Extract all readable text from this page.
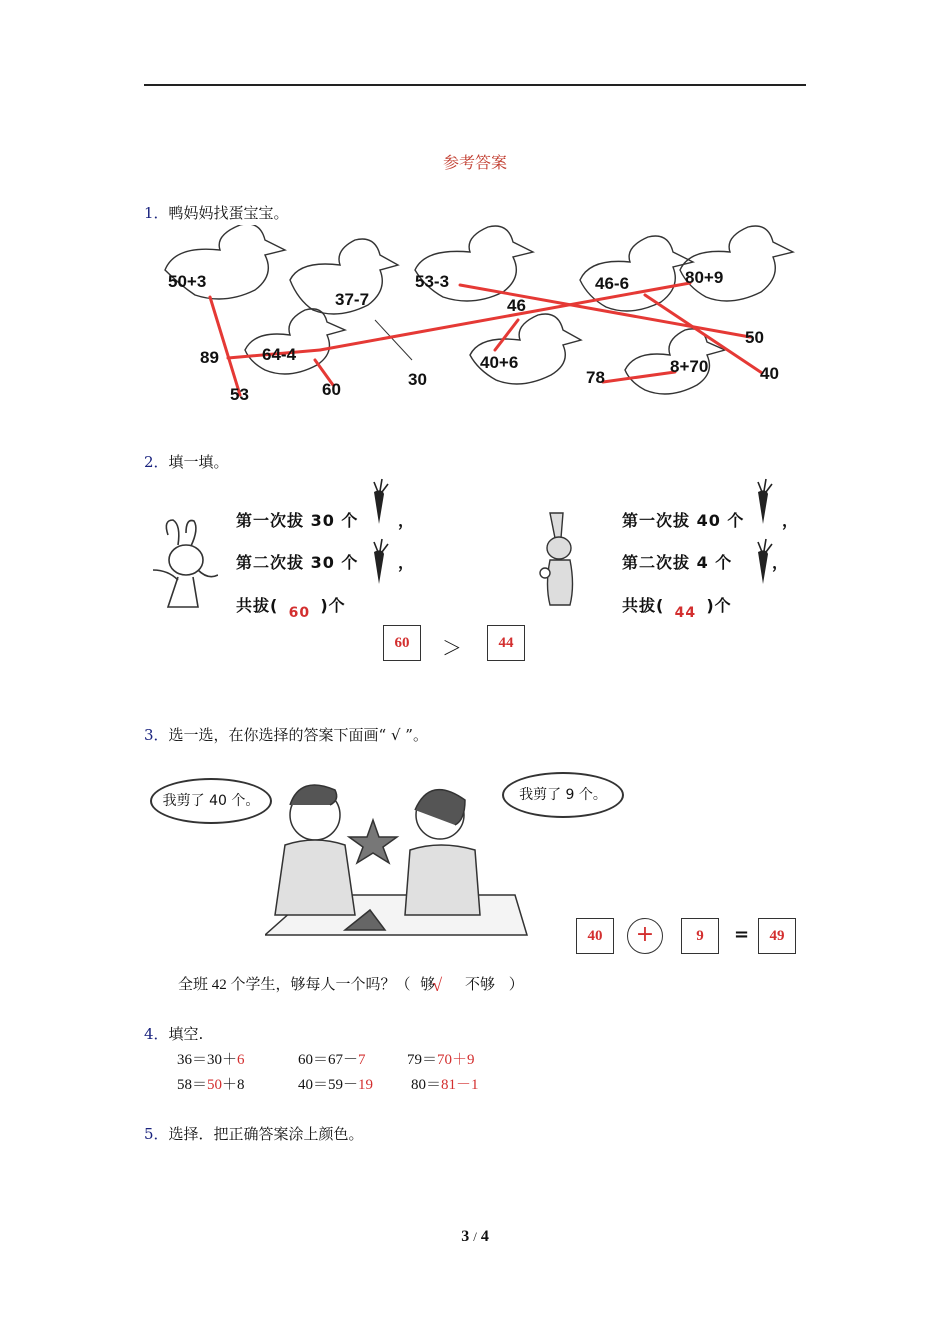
参考答案
1．鸭妈妈找蛋宝宝。
50+3
37-7
53-3	46-6	80+9
64-4	40+6	8+70
89
53	60
30
46
78
50
40
2．填一填。
第一次拔 30 个
第二次拔 30 个
，
，
共拔( 60 )个
第一次拔 40 个
第二次拔 4 个
，
，
共拔( 44 )个
60	＞	44
3．选一选，在你选择的答案下面画“ √ ”。
我剪了 40 个。	我剪了 9 个。
40	+	9	=	49
全班 42 个学生，够每人一个吗？（ 够
√ 不够 ）
4．填空.
36＝30＋6	60＝67－7	79＝70＋9
58＝50＋8	40＝59－19	80＝81－1
5．选择．把正确答案涂上颜色。
3 / 4
